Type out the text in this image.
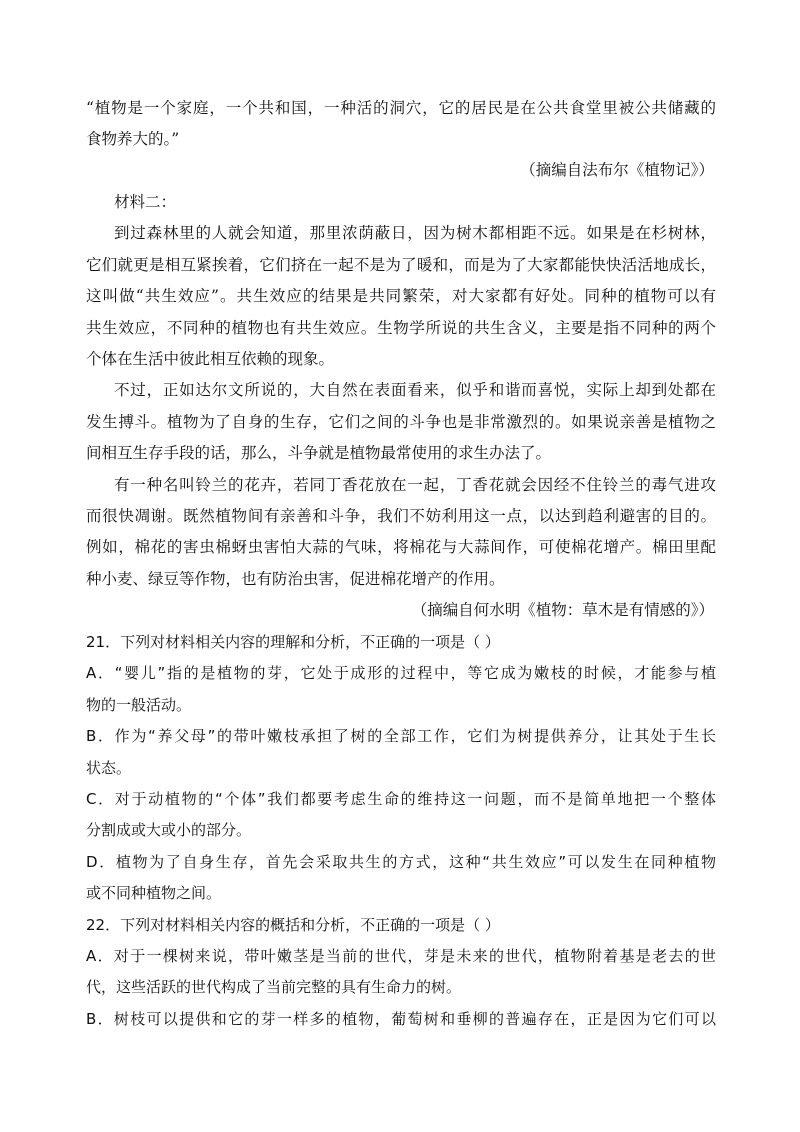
“植物是一个家庭，一个共和国，一种活的洞穴，它的居民是在公共食堂里被公共储藏的
食物养大的。”
（摘编自法布尔《植物记》）
材料二：
到过森林里的人就会知道，那里浓荫蔽日，因为树木都相距不远。如果是在杉树林，
它们就更是相互紧挨着，它们挤在一起不是为了暖和，而是为了大家都能快快活活地成长，
这叫做“共生效应”。共生效应的结果是共同繁荣，对大家都有好处。同种的植物可以有
共生效应，不同种的植物也有共生效应。生物学所说的共生含义，主要是指不同种的两个
个体在生活中彼此相互依赖的现象。
不过，正如达尔文所说的，大自然在表面看来，似乎和谐而喜悦，实际上却到处都在
发生搏斗。植物为了自身的生存，它们之间的斗争也是非常激烈的。如果说亲善是植物之
间相互生存手段的话，那么，斗争就是植物最常使用的求生办法了。
有一种名叫铃兰的花卉，若同丁香花放在一起，丁香花就会因经不住铃兰的毒气进攻
而很快凋谢。既然植物间有亲善和斗争，我们不妨利用这一点，以达到趋利避害的目的。
例如，棉花的害虫棉蚜虫害怕大蒜的气味，将棉花与大蒜间作，可使棉花增产。棉田里配
种小麦、绿豆等作物，也有防治虫害，促进棉花增产的作用。
（摘编自何水明《植物：草木是有情感的》）
21．下列对材料相关内容的理解和分析，不正确的一项是（ ）
A．“婴儿”指的是植物的芽，它处于成形的过程中，等它成为嫩枝的时候，才能参与植
物的一般活动。
B．作为“养父母”的带叶嫩枝承担了树的全部工作，它们为树提供养分，让其处于生长
状态。
C．对于动植物的“个体”我们都要考虑生命的维持这一问题，而不是简单地把一个整体
分割成或大或小的部分。
D．植物为了自身生存，首先会采取共生的方式，这种“共生效应”可以发生在同种植物
或不同种植物之间。
22．下列对材料相关内容的概括和分析，不正确的一项是（ ）
A．对于一棵树来说，带叶嫩茎是当前的世代，芽是未来的世代，植物附着基是老去的世
代，这些活跃的世代构成了当前完整的具有生命力的树。
B．树枝可以提供和它的芽一样多的植物，葡萄树和垂柳的普遍存在，正是因为它们可以
